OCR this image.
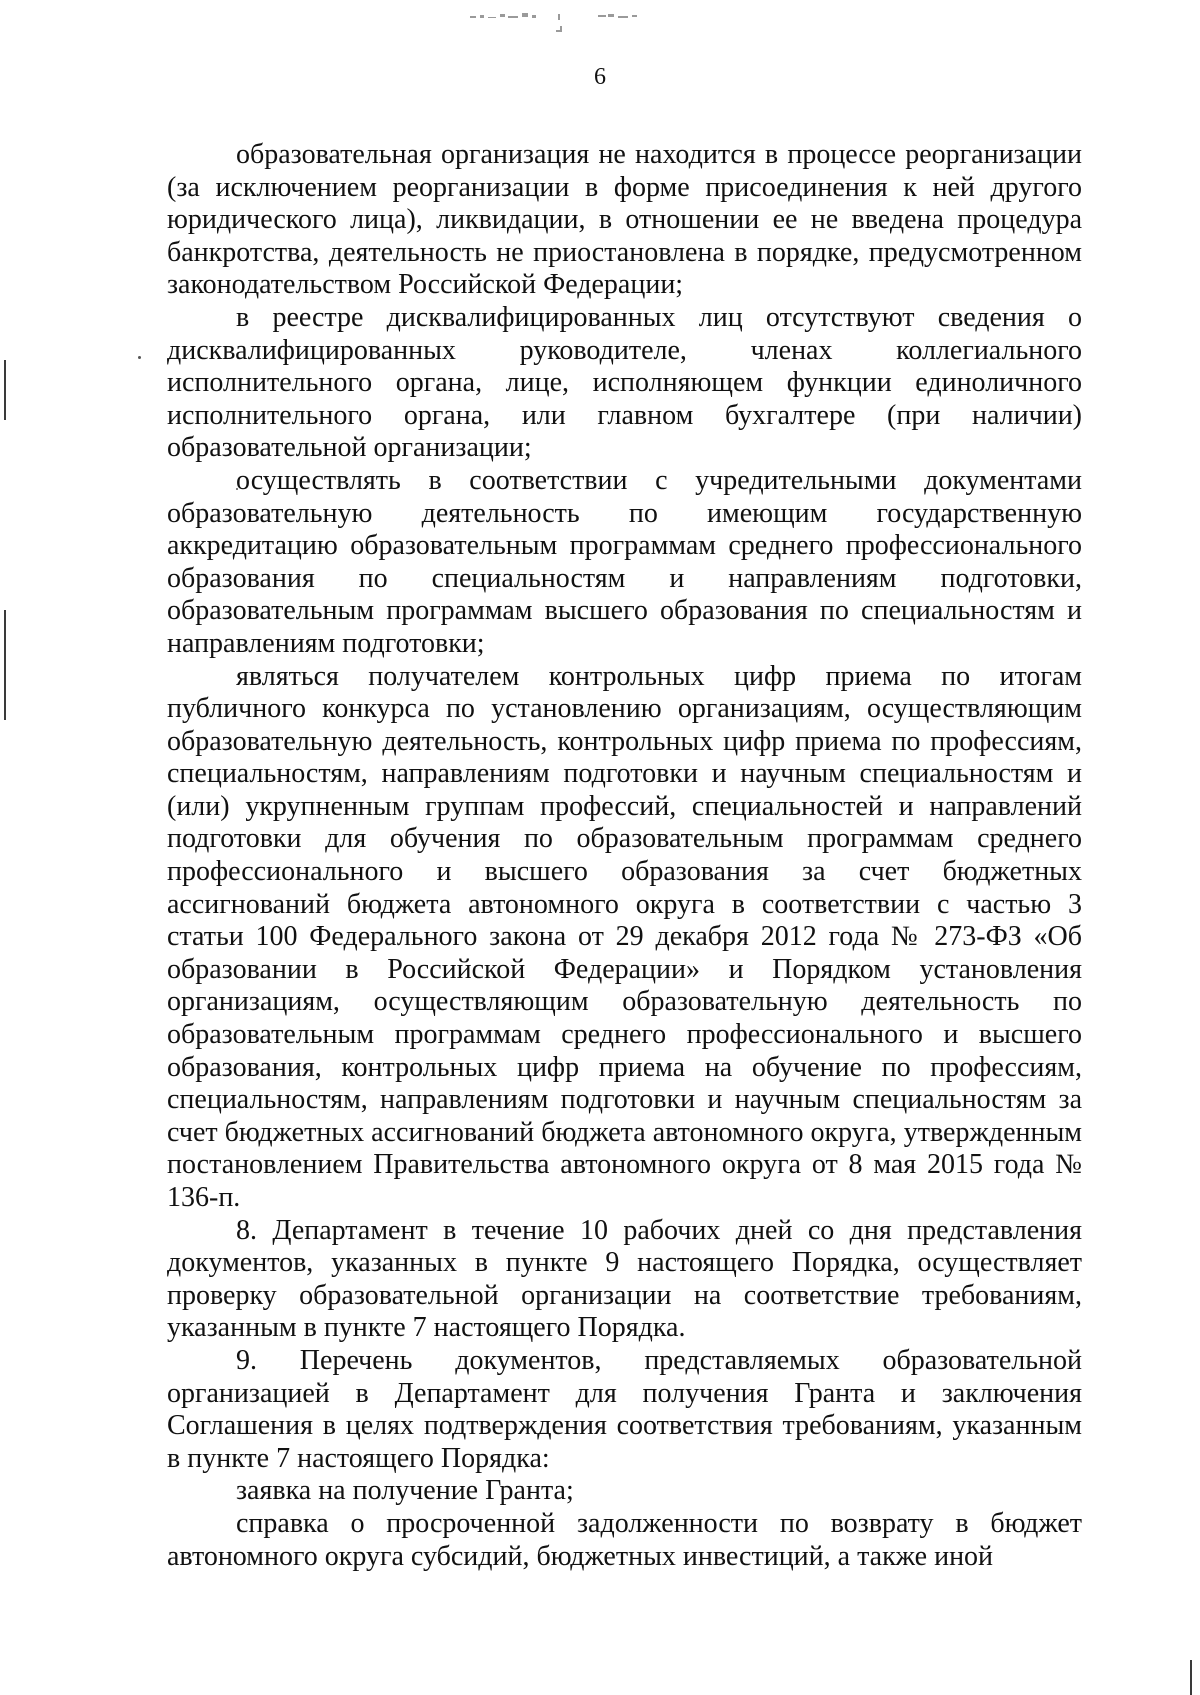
6

образовательная организация не находится в процессе реорганизации (за исключением реорганизации в форме присоединения к ней другого юридического лица), ликвидации, в отношении ее не введена процедура банкротства, деятельность не приостановлена в порядке, предусмотренном законодательством Российской Федерации;

в реестре дисквалифицированных лиц отсутствуют сведения о дисквалифицированных руководителе, членах коллегиального исполнительного органа, лице, исполняющем функции единоличного исполнительного органа, или главном бухгалтере (при наличии) образовательной организации;

осуществлять в соответствии с учредительными документами образовательную деятельность по имеющим государственную аккредитацию образовательным программам среднего профессионального образования по специальностям и направлениям подготовки, образовательным программам высшего образования по специальностям и направлениям подготовки;

являться получателем контрольных цифр приема по итогам публичного конкурса по установлению организациям, осуществляющим образовательную деятельность, контрольных цифр приема по профессиям, специальностям, направлениям подготовки и научным специальностям и (или) укрупненным группам профессий, специальностей и направлений подготовки для обучения по образовательным программам среднего профессионального и высшего образования за счет бюджетных ассигнований бюджета автономного округа в соответствии с частью 3 статьи 100 Федерального закона от 29 декабря 2012 года № 273-ФЗ «Об образовании в Российской Федерации» и Порядком установления организациям, осуществляющим образовательную деятельность по образовательным программам среднего профессионального и высшего образования, контрольных цифр приема на обучение по профессиям, специальностям, направлениям подготовки и научным специальностям за счет бюджетных ассигнований бюджета автономного округа, утвержденным постановлением Правительства автономного округа от 8 мая 2015 года № 136-п.

8. Департамент в течение 10 рабочих дней со дня представления документов, указанных в пункте 9 настоящего Порядка, осуществляет проверку образовательной организации на соответствие требованиям, указанным в пункте 7 настоящего Порядка.

9. Перечень документов, представляемых образовательной организацией в Департамент для получения Гранта и заключения Соглашения в целях подтверждения соответствия требованиям, указанным в пункте 7 настоящего Порядка:

заявка на получение Гранта;

справка о просроченной задолженности по возврату в бюджет автономного округа субсидий, бюджетных инвестиций, а также иной
